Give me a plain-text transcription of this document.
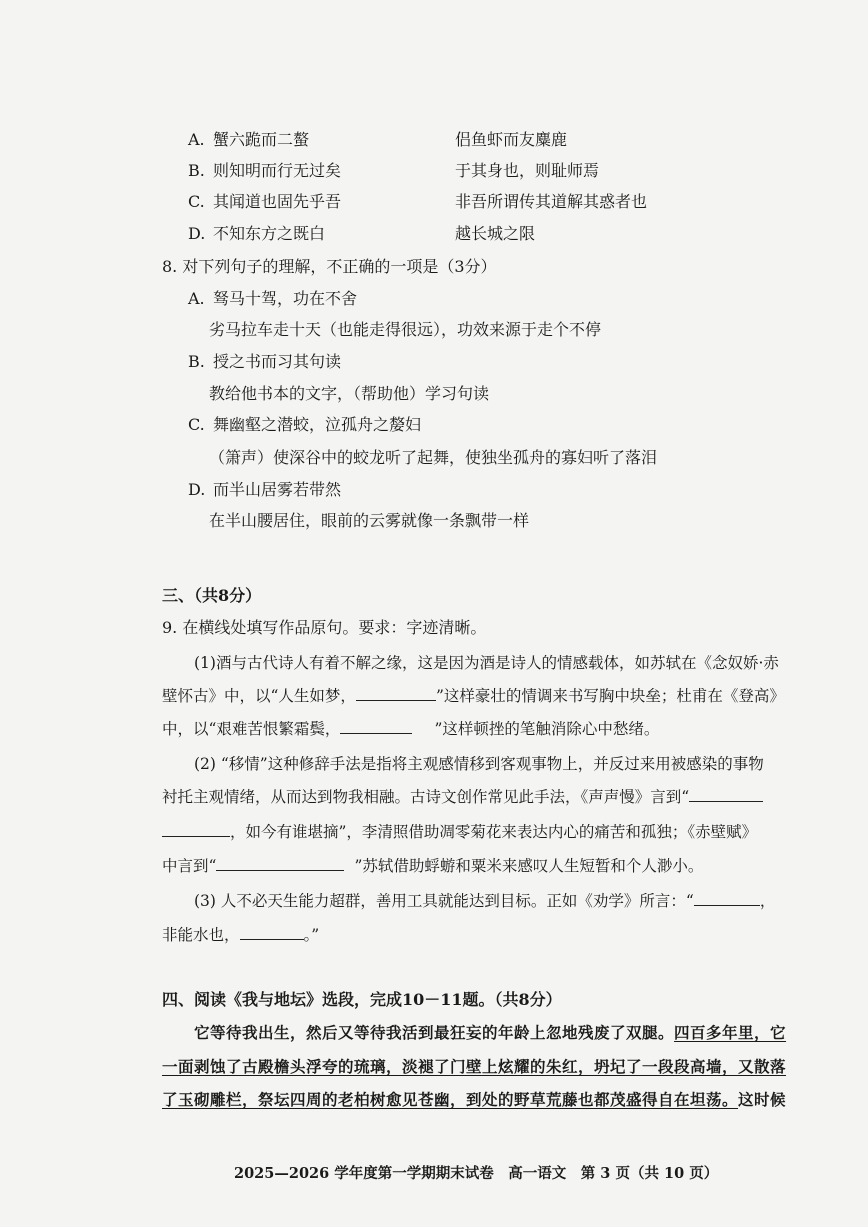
A. 蟹六跪而二螯	侣鱼虾而友麋鹿
B. 则知明而行无过矣	于其身也，则耻师焉
C. 其闻道也固先乎吾	非吾所谓传其道解其惑者也
D. 不知东方之既白	越长城之限
8. 对下列句子的理解，不正确的一项是（3分）
A. 驽马十驾，功在不舍
劣马拉车走十天（也能走得很远），功效来源于走个不停
B. 授之书而习其句读
教给他书本的文字，（帮助他）学习句读
C. 舞幽壑之潜蛟，泣孤舟之嫠妇
（箫声）使深谷中的蛟龙听了起舞，使独坐孤舟的寡妇听了落泪
D. 而半山居雾若带然
在半山腰居住，眼前的云雾就像一条飘带一样
三、（共8分）
9. 在横线处填写作品原句。要求：字迹清晰。
(1)酒与古代诗人有着不解之缘，这是因为酒是诗人的情感载体，如苏轼在《念奴娇·赤
壁怀古》中，以“人生如梦，	”这样豪壮的情调来书写胸中块垒；杜甫在《登高》
中，以“艰难苦恨繁霜鬓，	”这样顿挫的笔触消除心中愁绪。
(2) “移情”这种修辞手法是指将主观感情移到客观事物上，并反过来用被感染的事物
衬托主观情绪，从而达到物我相融。古诗文创作常见此手法，《声声慢》言到“
，如今有谁堪摘”，李清照借助凋零菊花来表达内心的痛苦和孤独；《赤壁赋》
中言到“	”苏轼借助蜉蝣和粟米来感叹人生短暂和个人渺小。
(3) 人不必天生能力超群，善用工具就能达到目标。正如《劝学》所言：“	，
非能水也，	。”
四、阅读《我与地坛》选段，完成10－11题。（共8分）
它等待我出生，然后又等待我活到最狂妄的年龄上忽地残废了双腿。四百多年里，它
一面剥蚀了古殿檐头浮夸的琉璃，淡褪了门壁上炫耀的朱红，坍圮了一段段高墙，又散落
了玉砌雕栏，祭坛四周的老柏树愈见苍幽，到处的野草荒藤也都茂盛得自在坦荡。这时候
2025—2026 学年度第一学期期末试卷　高一语文　第 3 页（共 10 页）
